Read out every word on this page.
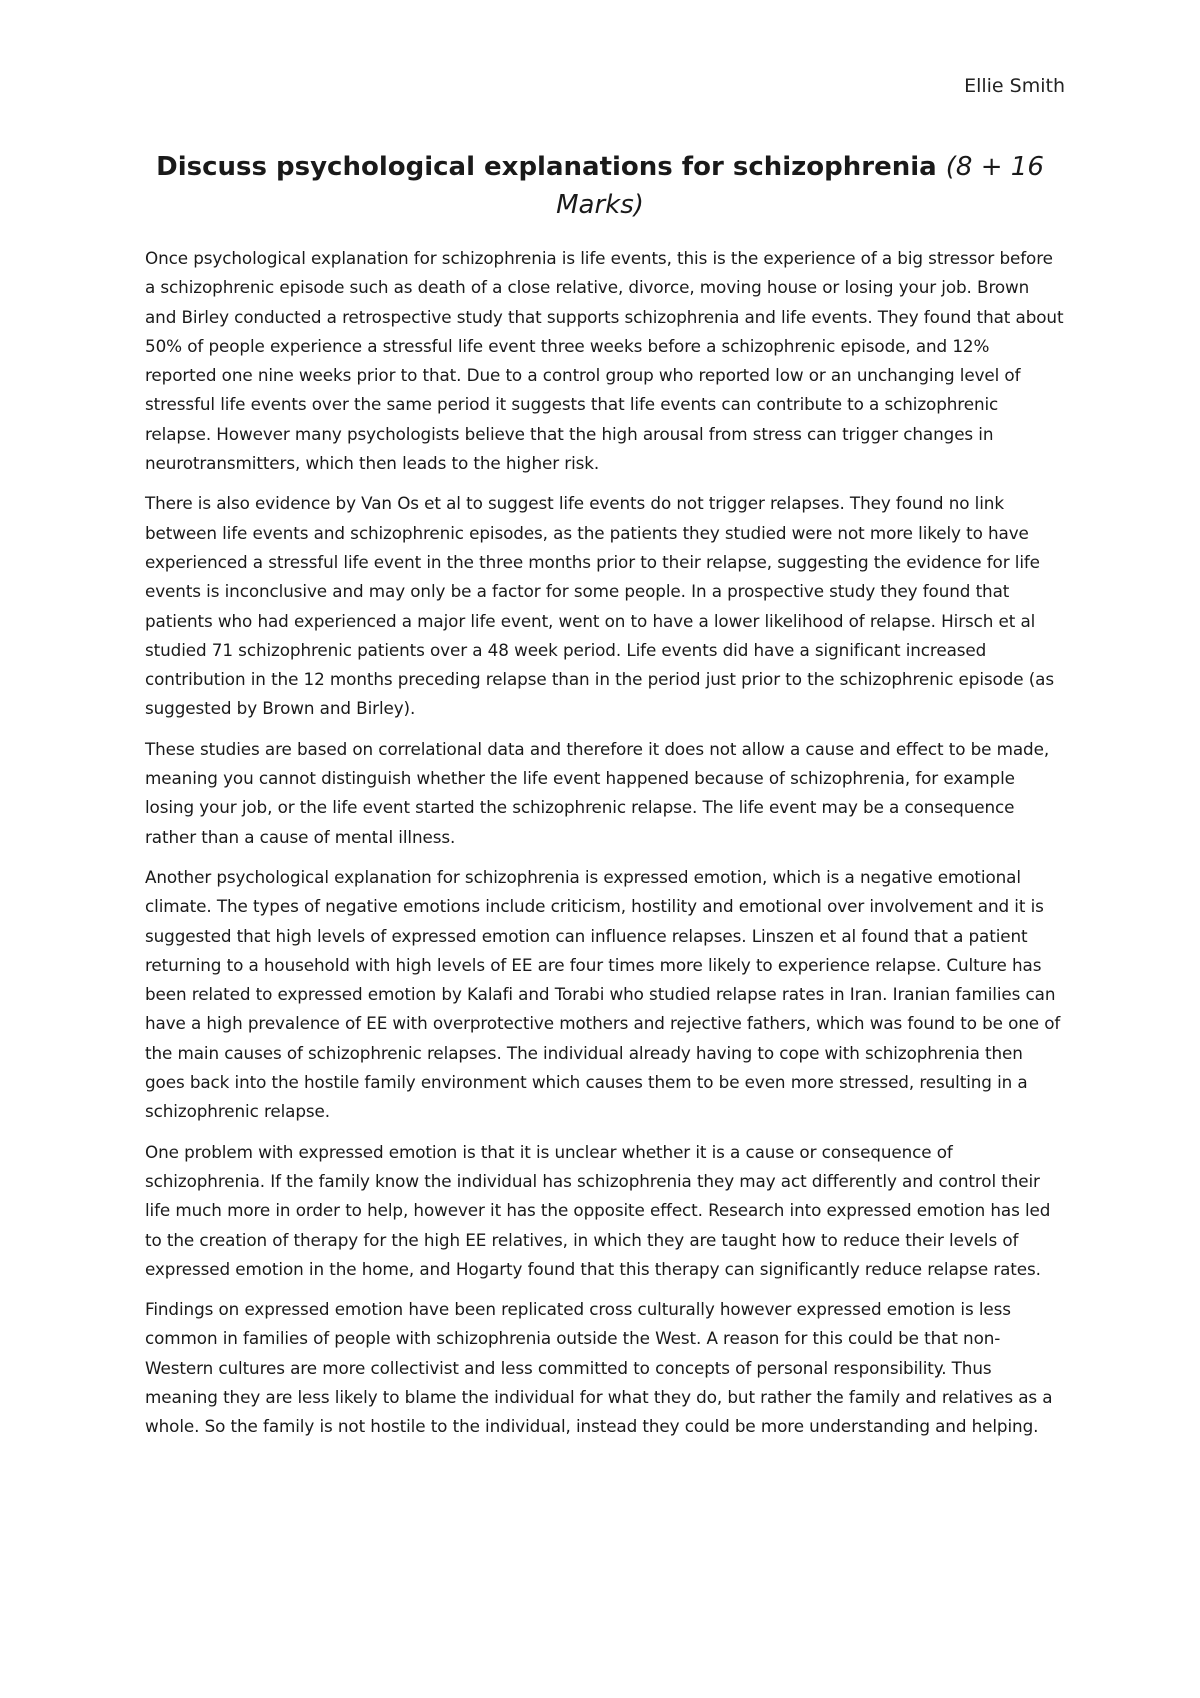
Ellie Smith
Discuss psychological explanations for schizophrenia (8 + 16 Marks)

Once psychological explanation for schizophrenia is life events, this is the experience of a big stressor before a schizophrenic episode such as death of a close relative, divorce, moving house or losing your job. Brown and Birley conducted a retrospective study that supports schizophrenia and life events. They found that about 50% of people experience a stressful life event three weeks before a schizophrenic episode, and 12% reported one nine weeks prior to that. Due to a control group who reported low or an unchanging level of stressful life events over the same period it suggests that life events can contribute to a schizophrenic relapse. However many psychologists believe that the high arousal from stress can trigger changes in neurotransmitters, which then leads to the higher risk.

There is also evidence by Van Os et al to suggest life events do not trigger relapses. They found no link between life events and schizophrenic episodes, as the patients they studied were not more likely to have experienced a stressful life event in the three months prior to their relapse, suggesting the evidence for life events is inconclusive and may only be a factor for some people. In a prospective study they found that patients who had experienced a major life event, went on to have a lower likelihood of relapse. Hirsch et al studied 71 schizophrenic patients over a 48 week period. Life events did have a significant increased contribution in the 12 months preceding relapse than in the period just prior to the schizophrenic episode (as suggested by Brown and Birley).

These studies are based on correlational data and therefore it does not allow a cause and effect to be made, meaning you cannot distinguish whether the life event happened because of schizophrenia, for example losing your job, or the life event started the schizophrenic relapse. The life event may be a consequence rather than a cause of mental illness.

Another psychological explanation for schizophrenia is expressed emotion, which is a negative emotional climate. The types of negative emotions include criticism, hostility and emotional over involvement and it is suggested that high levels of expressed emotion can influence relapses. Linszen et al found that a patient returning to a household with high levels of EE are four times more likely to experience relapse. Culture has been related to expressed emotion by Kalafi and Torabi who studied relapse rates in Iran. Iranian families can have a high prevalence of EE with overprotective mothers and rejective fathers, which was found to be one of the main causes of schizophrenic relapses. The individual already having to cope with schizophrenia then goes back into the hostile family environment which causes them to be even more stressed, resulting in a schizophrenic relapse.

One problem with expressed emotion is that it is unclear whether it is a cause or consequence of schizophrenia. If the family know the individual has schizophrenia they may act differently and control their life much more in order to help, however it has the opposite effect. Research into expressed emotion has led to the creation of therapy for the high EE relatives, in which they are taught how to reduce their levels of expressed emotion in the home, and Hogarty found that this therapy can significantly reduce relapse rates.

Findings on expressed emotion have been replicated cross culturally however expressed emotion is less common in families of people with schizophrenia outside the West. A reason for this could be that non-Western cultures are more collectivist and less committed to concepts of personal responsibility. Thus meaning they are less likely to blame the individual for what they do, but rather the family and relatives as a whole. So the family is not hostile to the individual, instead they could be more understanding and helping.
